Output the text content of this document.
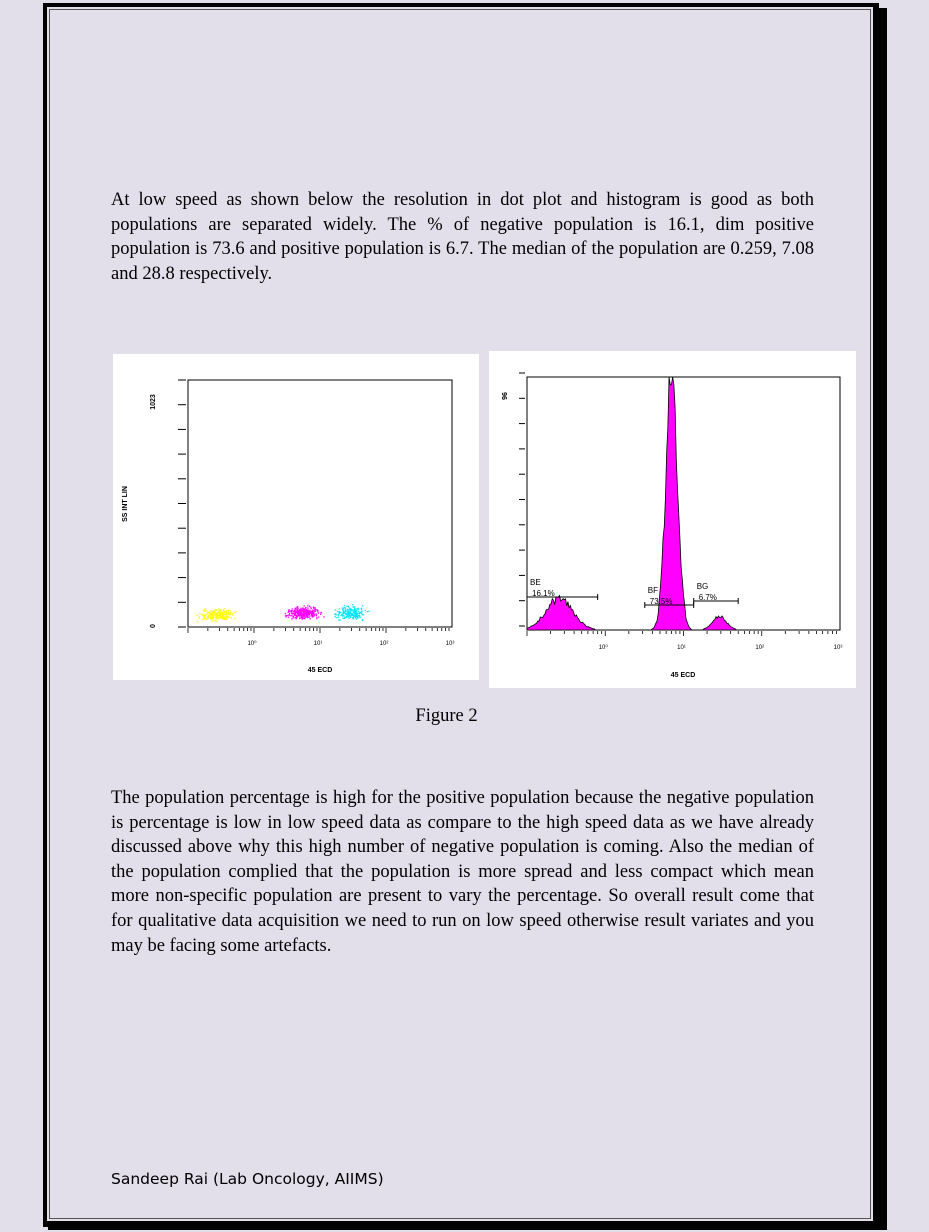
At low speed as shown below the resolution in dot plot and histogram is good as both populations are separated widely. The % of negative population is 16.1, dim positive population is 73.6 and positive population is 6.7. The median of the population are 0.259, 7.08 and 28.8 respectively.

10⁰	10¹	10²	10³
1023
0
SS INT LIN
45 ECD
10⁰	10¹	10²	10³
BE
16.1%	BF
73.5%
BG
6.7%
96
45 ECD
Figure 2

The population percentage is high for the positive population because the negative population is percentage is low in low speed data as compare to the high speed data as we have already discussed above why this high number of negative population is coming. Also the median of the population complied that the population is more spread and less compact which mean more non-specific population are present to vary the percentage. So overall result come that for qualitative data acquisition we need to run on low speed otherwise result variates and you may be facing some artefacts.

Sandeep Rai (Lab Oncology, AIIMS)
